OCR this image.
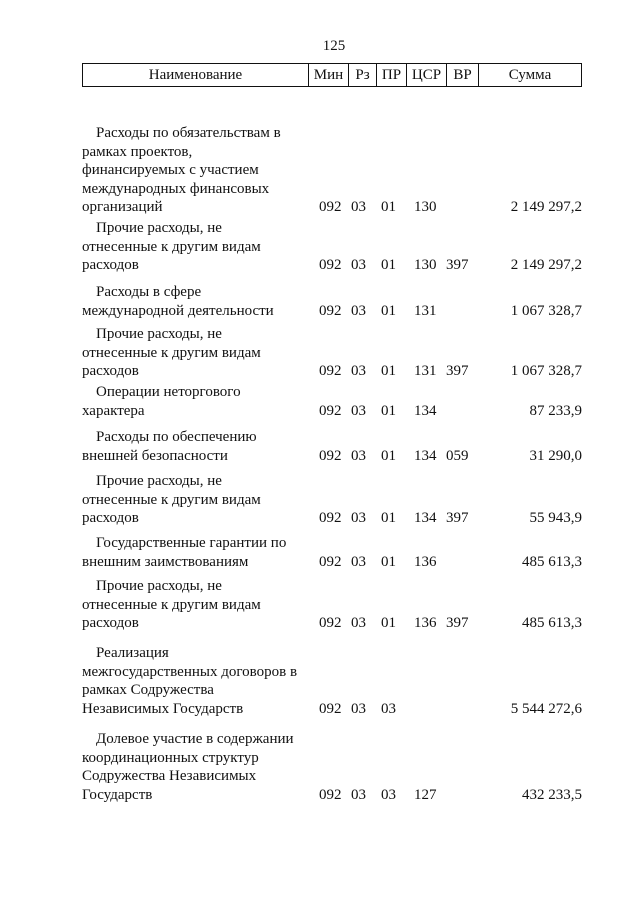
125
Наименование	Мин Рз ПР ЦСР ВР	Сумма
Расходы по обязательствам в
рамках проектов,
финансируемых с участием
международных финансовых
организаций	092 03 01 130	2 149 297,2
Прочие расходы, не
отнесенные к другим видам
расходов	092 03 01 130 397	2 149 297,2
Расходы в сфере
международной деятельности	092 03 01 131	1 067 328,7
Прочие расходы, не
отнесенные к другим видам
расходов	092 03 01 131 397	1 067 328,7
Операции неторгового
характера	092 03 01 134	87 233,9
Расходы по обеспечению
внешней безопасности	092 03 01 134 059	31 290,0
Прочие расходы, не
отнесенные к другим видам
расходов	092 03 01 134 397	55 943,9
Государственные гарантии по
внешним заимствованиям	092 03 01 136	485 613,3
Прочие расходы, не
отнесенные к другим видам
расходов	092 03 01 136 397	485 613,3
Реализация
межгосударственных договоров в
рамках Содружества
Независимых Государств	092 03 03	5 544 272,6
Долевое участие в содержании
координационных структур
Содружества Независимых
Государств	092 03 03 127	432 233,5
